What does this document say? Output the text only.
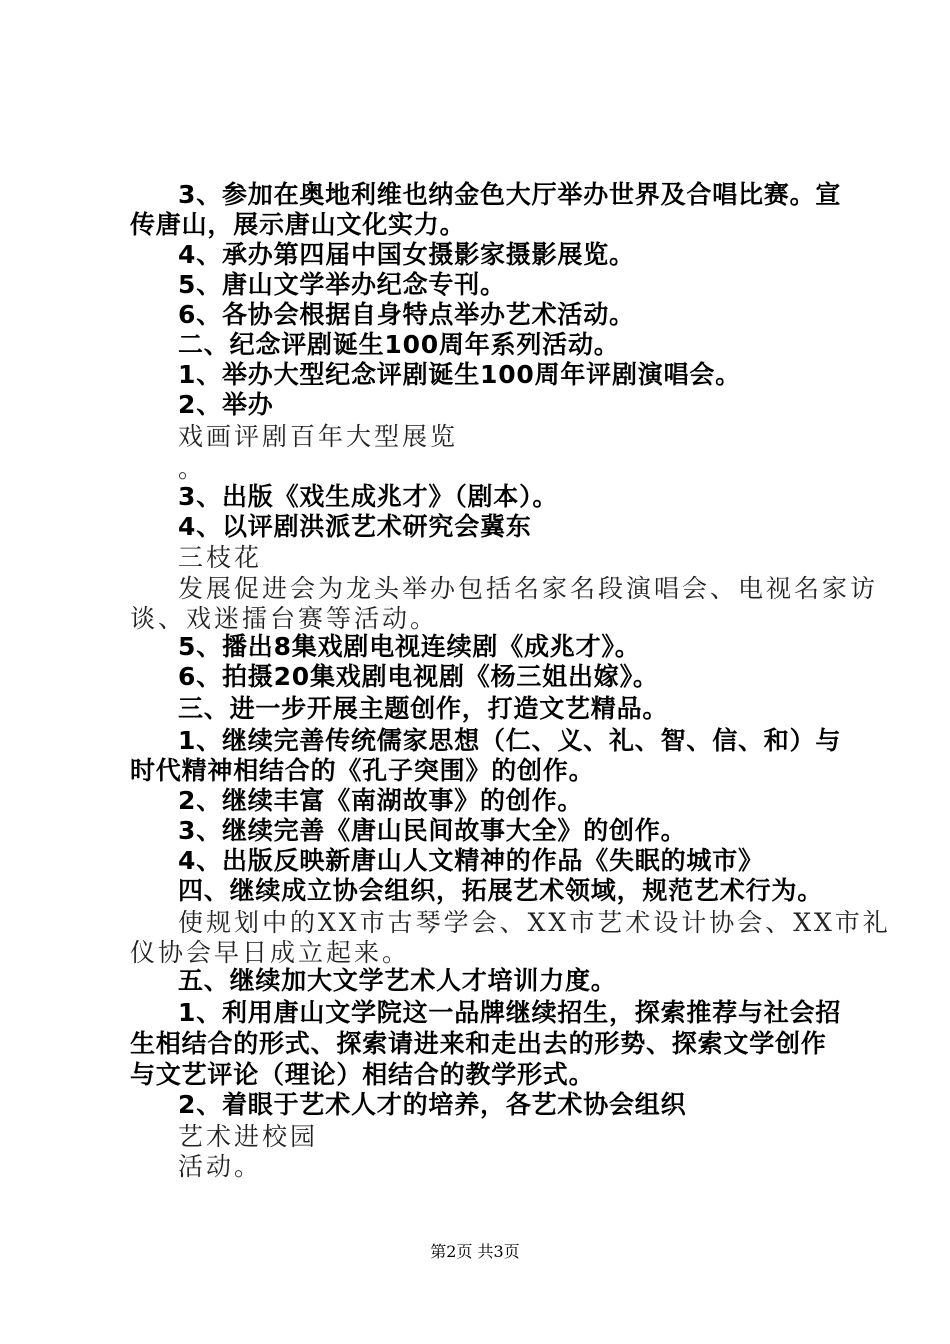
3、参加在奥地利维也纳金色大厅举办世界及合唱比赛。宣
传唐山，展示唐山文化实力。
4、承办第四届中国女摄影家摄影展览。
5、唐山文学举办纪念专刊。
6、各协会根据自身特点举办艺术活动。
二、纪念评剧诞生100周年系列活动。
1、举办大型纪念评剧诞生100周年评剧演唱会。
2、举办
戏画评剧百年大型展览
。
3、出版《戏生成兆才》（剧本）。
4、以评剧洪派艺术研究会冀东
三枝花
发展促进会为龙头举办包括名家名段演唱会、电视名家访
谈、戏迷擂台赛等活动。
5、播出8集戏剧电视连续剧《成兆才》。
6、拍摄20集戏剧电视剧《杨三姐出嫁》。
三、进一步开展主题创作，打造文艺精品。
1、继续完善传统儒家思想（仁、义、礼、智、信、和）与
时代精神相结合的《孔子突围》的创作。
2、继续丰富《南湖故事》的创作。
3、继续完善《唐山民间故事大全》的创作。
4、出版反映新唐山人文精神的作品《失眠的城市》
四、继续成立协会组织，拓展艺术领域，规范艺术行为。
使规划中的XX市古琴学会、XX市艺术设计协会、XX市礼
仪协会早日成立起来。
五、继续加大文学艺术人才培训力度。
1、利用唐山文学院这一品牌继续招生，探索推荐与社会招
生相结合的形式、探索请进来和走出去的形势、探索文学创作
与文艺评论（理论）相结合的教学形式。
2、着眼于艺术人才的培养，各艺术协会组织
艺术进校园
活动。
第2页 共3页
